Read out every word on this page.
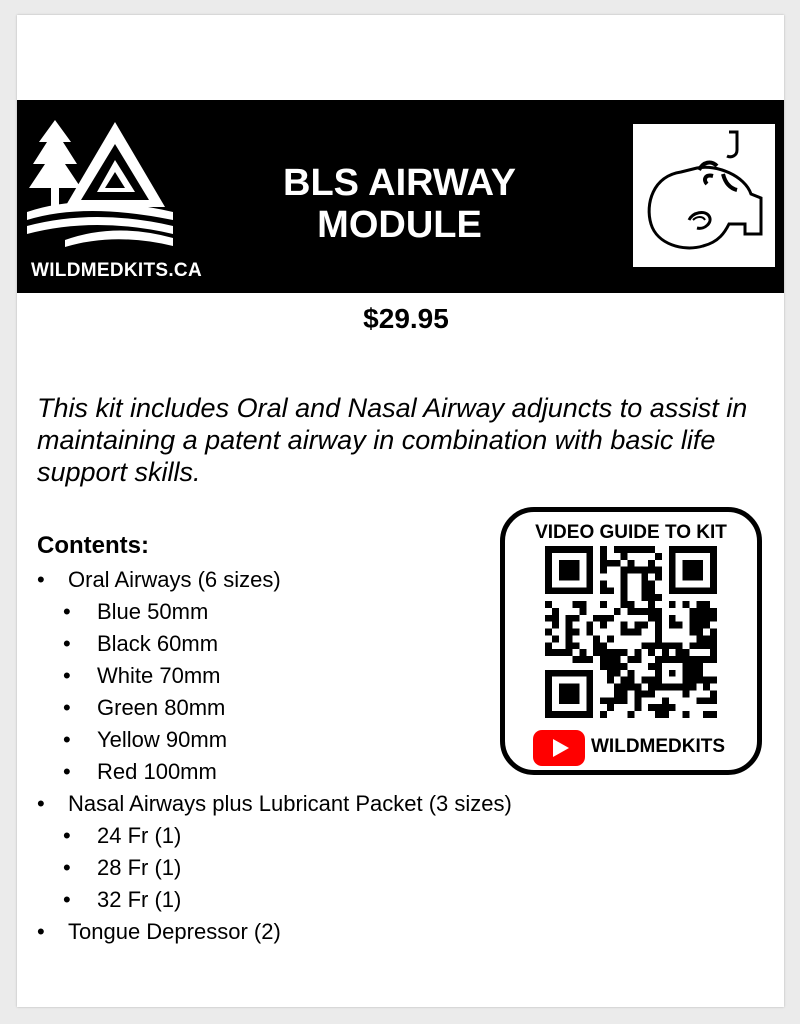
WILDMEDKITS.CA
BLS AIRWAY
MODULE
$29.95
This kit includes Oral and Nasal Airway adjuncts to assist in maintaining a patent airway in combination with basic life support skills.
Contents:
• Oral Airways (6 sizes)
• Blue 50mm
• Black 60mm
• White 70mm
• Green 80mm
• Yellow 90mm
• Red 100mm
• Nasal Airways plus Lubricant Packet (3 sizes)
• 24 Fr (1)
• 28 Fr (1)
• 32 Fr (1)
• Tongue Depressor (2)
VIDEO GUIDE TO KIT
WILDMEDKITS
